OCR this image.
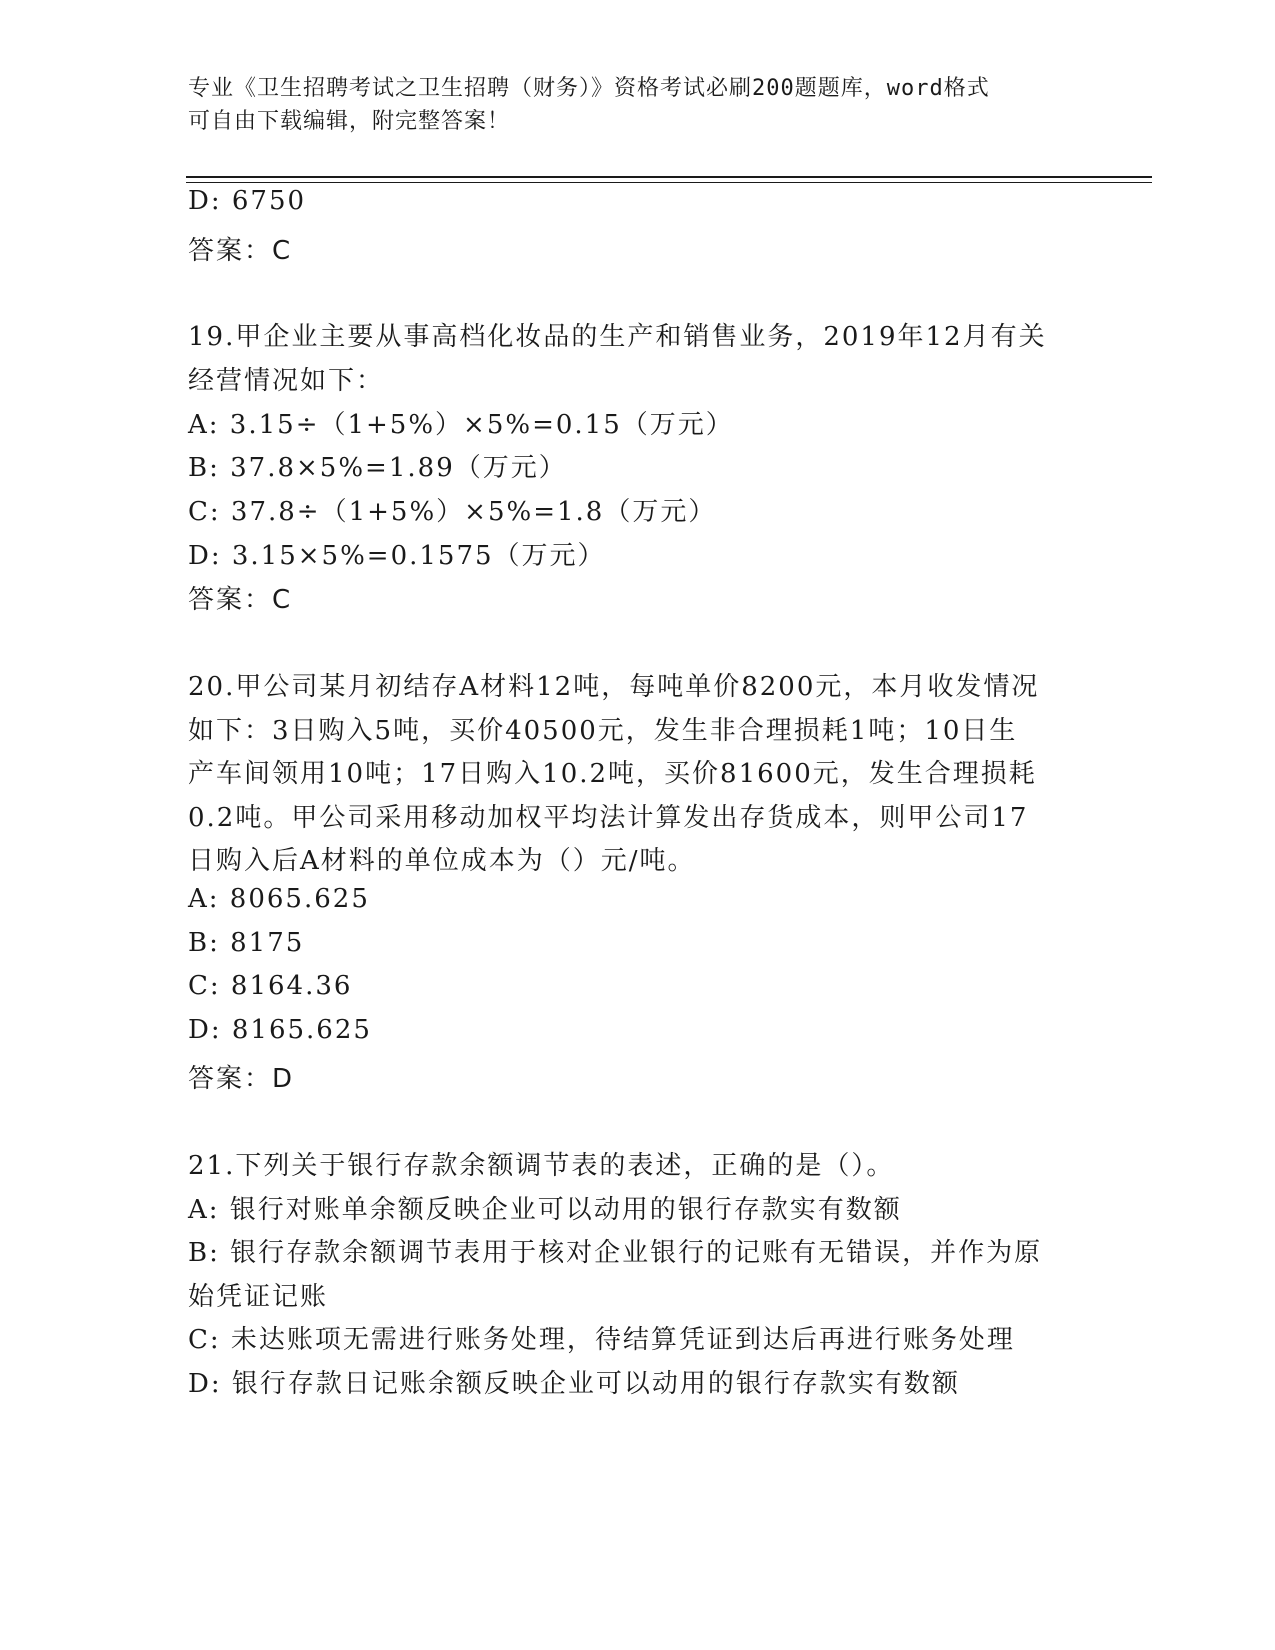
专业《卫生招聘考试之卫生招聘（财务）》资格考试必刷200题题库，word格式
可自由下载编辑，附完整答案！
D: 6750
答案：C
19.甲企业主要从事高档化妆品的生产和销售业务，2019年12月有关
经营情况如下：
A: 3.15÷（1+5%）×5%=0.15（万元）
B: 37.8×5%=1.89（万元）
C: 37.8÷（1+5%）×5%=1.8（万元）
D: 3.15×5%=0.1575（万元）
答案：C
20.甲公司某月初结存A材料12吨，每吨单价8200元，本月收发情况
如下：3日购入5吨，买价40500元，发生非合理损耗1吨；10日生
产车间领用10吨；17日购入10.2吨，买价81600元，发生合理损耗
0.2吨。甲公司采用移动加权平均法计算发出存货成本，则甲公司17
日购入后A材料的单位成本为（）元/吨。
A: 8065.625
B: 8175
C: 8164.36
D: 8165.625
答案：D
21.下列关于银行存款余额调节表的表述，正确的是（）。
A: 银行对账单余额反映企业可以动用的银行存款实有数额
B: 银行存款余额调节表用于核对企业银行的记账有无错误，并作为原
始凭证记账
C: 未达账项无需进行账务处理，待结算凭证到达后再进行账务处理
D: 银行存款日记账余额反映企业可以动用的银行存款实有数额
